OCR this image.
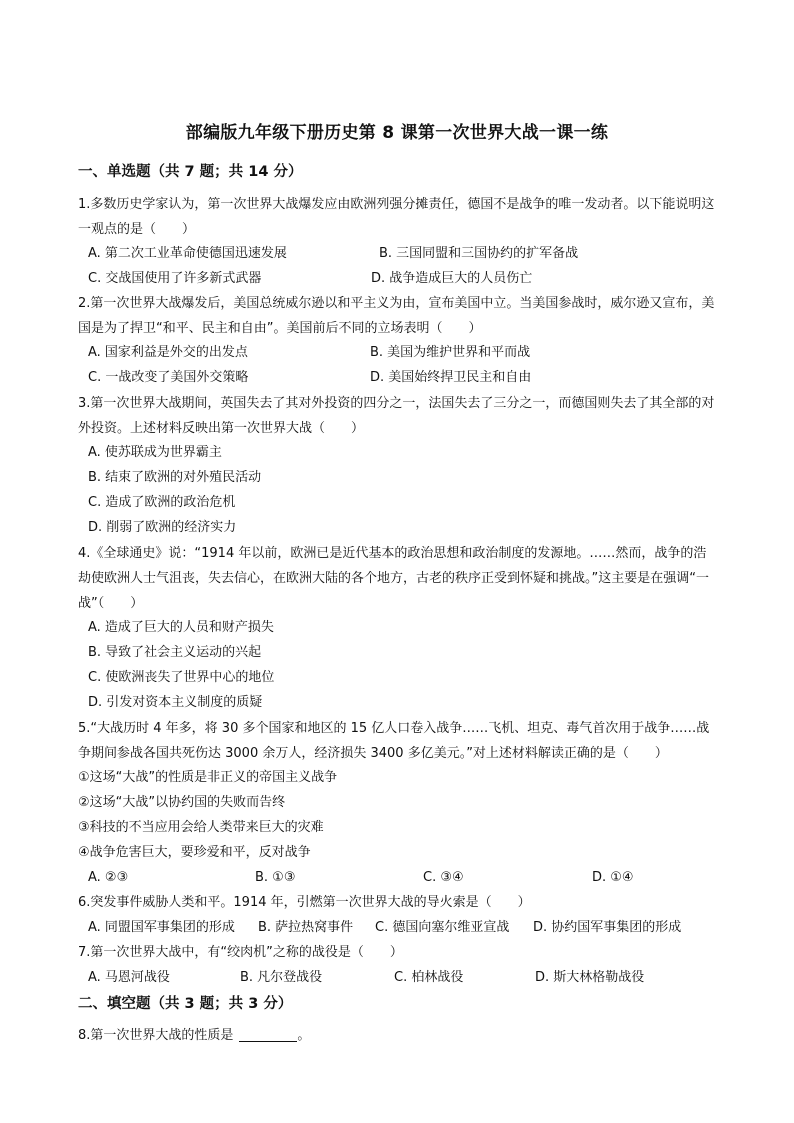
部编版九年级下册历史第 8 课第一次世界大战一课一练
一、单选题（共 7 题；共 14 分）
1.多数历史学家认为，第一次世界大战爆发应由欧洲列强分摊责任，德国不是战争的唯一发动者。以下能说明这一观点的是（　　）
A. 第二次工业革命使德国迅速发展	B. 三国同盟和三国协约的扩军备战
C. 交战国使用了许多新式武器	D. 战争造成巨大的人员伤亡
2.第一次世界大战爆发后，美国总统威尔逊以和平主义为由，宣布美国中立。当美国参战时，威尔逊又宣布，美国是为了捍卫“和平、民主和自由”。美国前后不同的立场表明（　　）
A. 国家利益是外交的出发点	B. 美国为维护世界和平而战
C. 一战改变了美国外交策略	D. 美国始终捍卫民主和自由
3.第一次世界大战期间，英国失去了其对外投资的四分之一，法国失去了三分之一，而德国则失去了其全部的对外投资。上述材料反映出第一次世界大战（　　）
A. 使苏联成为世界霸主
B. 结束了欧洲的对外殖民活动
C. 造成了欧洲的政治危机
D. 削弱了欧洲的经济实力
4.《全球通史》说：“1914 年以前，欧洲已是近代基本的政治思想和政治制度的发源地。……然而，战争的浩劫使欧洲人士气沮丧，失去信心，在欧洲大陆的各个地方，古老的秩序正受到怀疑和挑战。”这主要是在强调“一战”（　　）
A. 造成了巨大的人员和财产损失
B. 导致了社会主义运动的兴起
C. 使欧洲丧失了世界中心的地位
D. 引发对资本主义制度的质疑
5.“大战历时 4 年多，将 30 多个国家和地区的 15 亿人口卷入战争……飞机、坦克、毒气首次用于战争……战争期间参战各国共死伤达 3000 余万人，经济损失 3400 多亿美元。”对上述材料解读正确的是（　　）
①这场“大战”的性质是非正义的帝国主义战争
②这场“大战”以协约国的失败而告终
③科技的不当应用会给人类带来巨大的灾难
④战争危害巨大，要珍爱和平，反对战争
A. ②③	B. ①③	C. ③④	D. ①④
6.突发事件威胁人类和平。1914 年，引燃第一次世界大战的导火索是（　　）
A. 同盟国军事集团的形成 B. 萨拉热窝事件 C. 德国向塞尔维亚宣战 D. 协约国军事集团的形成
7.第一次世界大战中，有“绞肉机”之称的战役是（　　）
A. 马恩河战役	B. 凡尔登战役	C. 柏林战役	D. 斯大林格勒战役
二、填空题（共 3 题；共 3 分）
8.第一次世界大战的性质是	。
